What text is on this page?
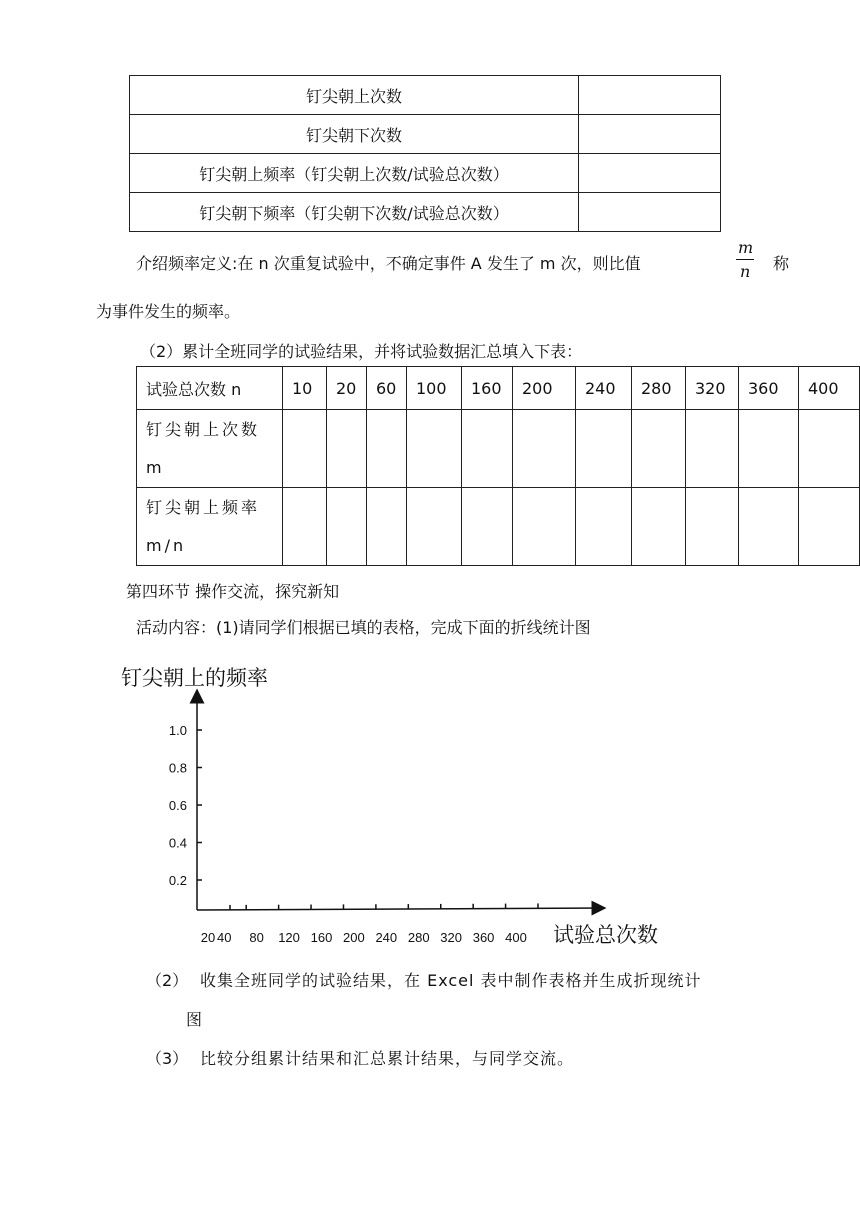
钉尖朝上次数	
钉尖朝下次数	
钉尖朝上频率（钉尖朝上次数/试验总次数）	
钉尖朝下频率（钉尖朝下次数/试验总次数）	
介绍频率定义:在 n 次重复试验中，不确定事件 A 发生了 m 次，则比值
m
n 称
为事件发生的频率。
（2）累计全班同学的试验结果，并将试验数据汇总填入下表：
试验总次数 n	10	20	60	100	160	200	240	280	320	360	400

钉尖朝上次数
m											

钉尖朝上频率
m/n											

第四环节 操作交流，探究新知
活动内容：(1)请同学们根据已填的表格，完成下面的折线统计图
钉尖朝上的频率
0.2
0.4
0.6
0.8
1.0
20 40 80 120 160 200 240 280 320 360 400 试验总次数
（2） 收集全班同学的试验结果，在 Excel 表中制作表格并生成折现统计
图
（3） 比较分组累计结果和汇总累计结果，与同学交流。
